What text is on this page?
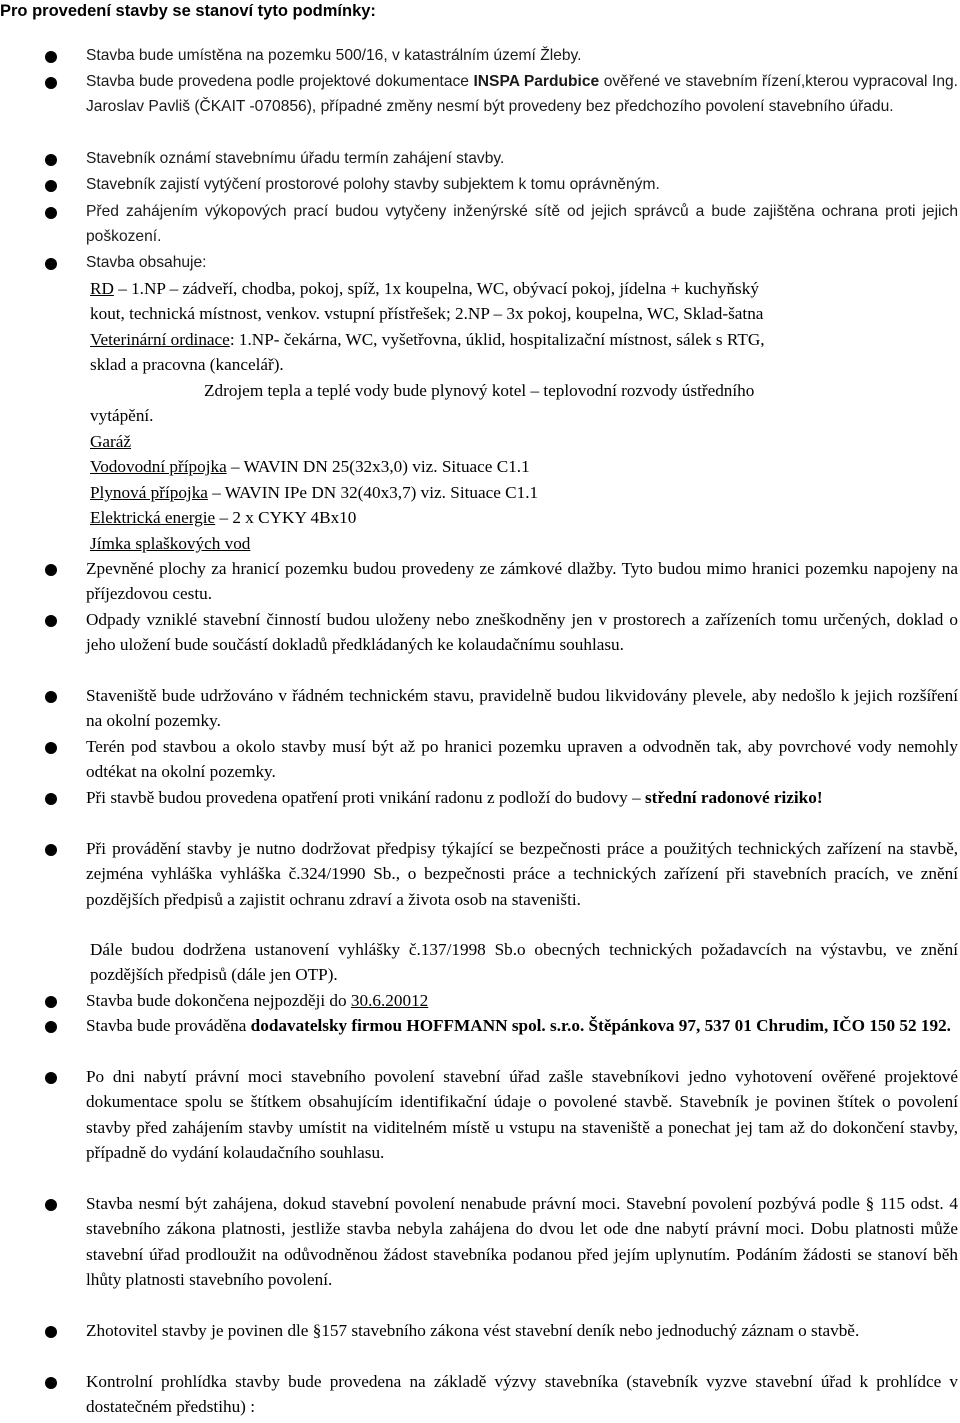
Pro provedení stavby se stanoví tyto podmínky:
Stavba bude umístěna na pozemku 500/16, v katastrálním území Žleby.
Stavba bude provedena podle projektové dokumentace INSPA Pardubice ověřené ve stavebním řízení,kterou vypracoval Ing. Jaroslav Pavliš (ČKAIT -070856), případné změny nesmí být provedeny bez předchozího povolení stavebního úřadu.
Stavebník oznámí stavebnímu úřadu termín zahájení stavby.
Stavebník zajistí vytýčení prostorové polohy stavby subjektem k tomu oprávněným.
Před zahájením výkopových prací budou vytyčeny inženýrské sítě od jejich správců a bude zajištěna ochrana proti jejich poškození.
Stavba obsahuje:
RD – 1.NP – zádveří, chodba, pokoj, spíž, 1x koupelna, WC, obývací pokoj, jídelna + kuchyňský
kout, technická místnost, venkov. vstupní přístřešek; 2.NP – 3x pokoj, koupelna, WC, Sklad-šatna
Veterinární ordinace: 1.NP- čekárna, WC, vyšetřovna, úklid, hospitalizační místnost, sálek s RTG,
sklad a pracovna (kancelář).
Zdrojem tepla a teplé vody bude plynový kotel – teplovodní rozvody ústředního
vytápění.
Garáž
Vodovodní přípojka – WAVIN DN 25(32x3,0) viz. Situace C1.1
Plynová přípojka – WAVIN IPe DN 32(40x3,7) viz. Situace C1.1
Elektrická energie – 2 x CYKY 4Bx10
Jímka splaškových vod
Zpevněné plochy za hranicí pozemku budou provedeny ze zámkové dlažby. Tyto budou mimo hranici pozemku napojeny na příjezdovou cestu.
Odpady vzniklé stavební činností budou uloženy nebo zneškodněny jen v prostorech a zařízeních tomu určených, doklad o jeho uložení bude součástí dokladů předkládaných ke kolaudačnímu souhlasu.
Staveniště bude udržováno v řádném technickém stavu, pravidelně budou likvidovány plevele, aby nedošlo k jejich rozšíření na okolní pozemky.
Terén pod stavbou a okolo stavby musí být až po hranici pozemku upraven a odvodněn tak, aby povrchové vody nemohly odtékat na okolní pozemky.
Při stavbě budou provedena opatření proti vnikání radonu z podloží do budovy – střední radonové riziko!
Při provádění stavby je nutno dodržovat předpisy týkající se bezpečnosti práce a použitých technických zařízení na stavbě, zejména vyhláška vyhláška č.324/1990 Sb., o bezpečnosti práce a technických zařízení při stavebních pracích, ve znění pozdějších předpisů a zajistit ochranu zdraví a života osob na staveništi.
Dále budou dodržena ustanovení vyhlášky č.137/1998 Sb.o obecných technických požadavcích na výstavbu, ve znění pozdějších předpisů (dále jen OTP).
Stavba bude dokončena nejpozději do 30.6.20012
Stavba bude prováděna dodavatelsky firmou HOFFMANN spol. s.r.o. Štěpánkova 97, 537 01 Chrudim, IČO 150 52 192.
Po dni nabytí právní moci stavebního povolení stavební úřad zašle stavebníkovi jedno vyhotovení ověřené projektové dokumentace spolu se štítkem obsahujícím identifikační údaje o povolené stavbě. Stavebník je povinen štítek o povolení stavby před zahájením stavby umístit na viditelném místě u vstupu na staveniště a ponechat jej tam až do dokončení stavby, případně do vydání kolaudačního souhlasu.
Stavba nesmí být zahájena, dokud stavební povolení nenabude právní moci. Stavební povolení pozbývá podle § 115 odst. 4 stavebního zákona platnosti, jestliže stavba nebyla zahájena do dvou let ode dne nabytí právní moci. Dobu platnosti může stavební úřad prodloužit na odůvodněnou žádost stavebníka podanou před jejím uplynutím. Podáním žádosti se stanoví běh lhůty platnosti stavebního povolení.
Zhotovitel stavby je povinen dle §157 stavebního zákona vést stavební deník nebo jednoduchý záznam o stavbě.
Kontrolní prohlídka stavby bude provedena na základě výzvy stavebníka (stavebník vyzve stavební úřad k prohlídce v dostatečném předstihu) :
